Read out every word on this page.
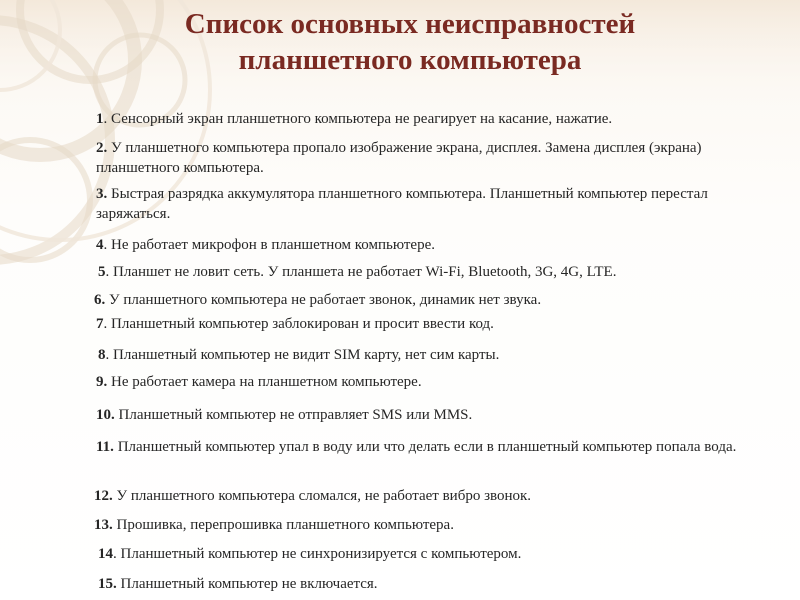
Список основных неисправностей
планшетного компьютера

1. Сенсорный экран планшетного компьютера не реагирует на касание, нажатие.

2. У планшетного компьютера пропало изображение экрана, дисплея. Замена дисплея (экрана) планшетного компьютера.

3. Быстрая разрядка аккумулятора планшетного компьютера. Планшетный компьютер перестал заряжаться.

4. Не работает микрофон в планшетном компьютере.

5. Планшет не ловит сеть. У планшета не работает Wi-Fi, Bluetooth, 3G, 4G, LTE.

6. У планшетного компьютера не работает звонок, динамик нет звука.

7. Планшетный компьютер заблокирован и просит ввести код.

8. Планшетный компьютер не видит SIM карту, нет сим карты.

9. Не работает камера на планшетном компьютере.

10. Планшетный компьютер не отправляет SMS или MMS.

11. Планшетный компьютер упал в воду или что делать если в планшетный компьютер попала вода.

12. У планшетного компьютера сломался, не работает вибро звонок.

13. Прошивка, перепрошивка планшетного компьютера.

14. Планшетный компьютер не синхронизируется с компьютером.

15. Планшетный компьютер не включается.
